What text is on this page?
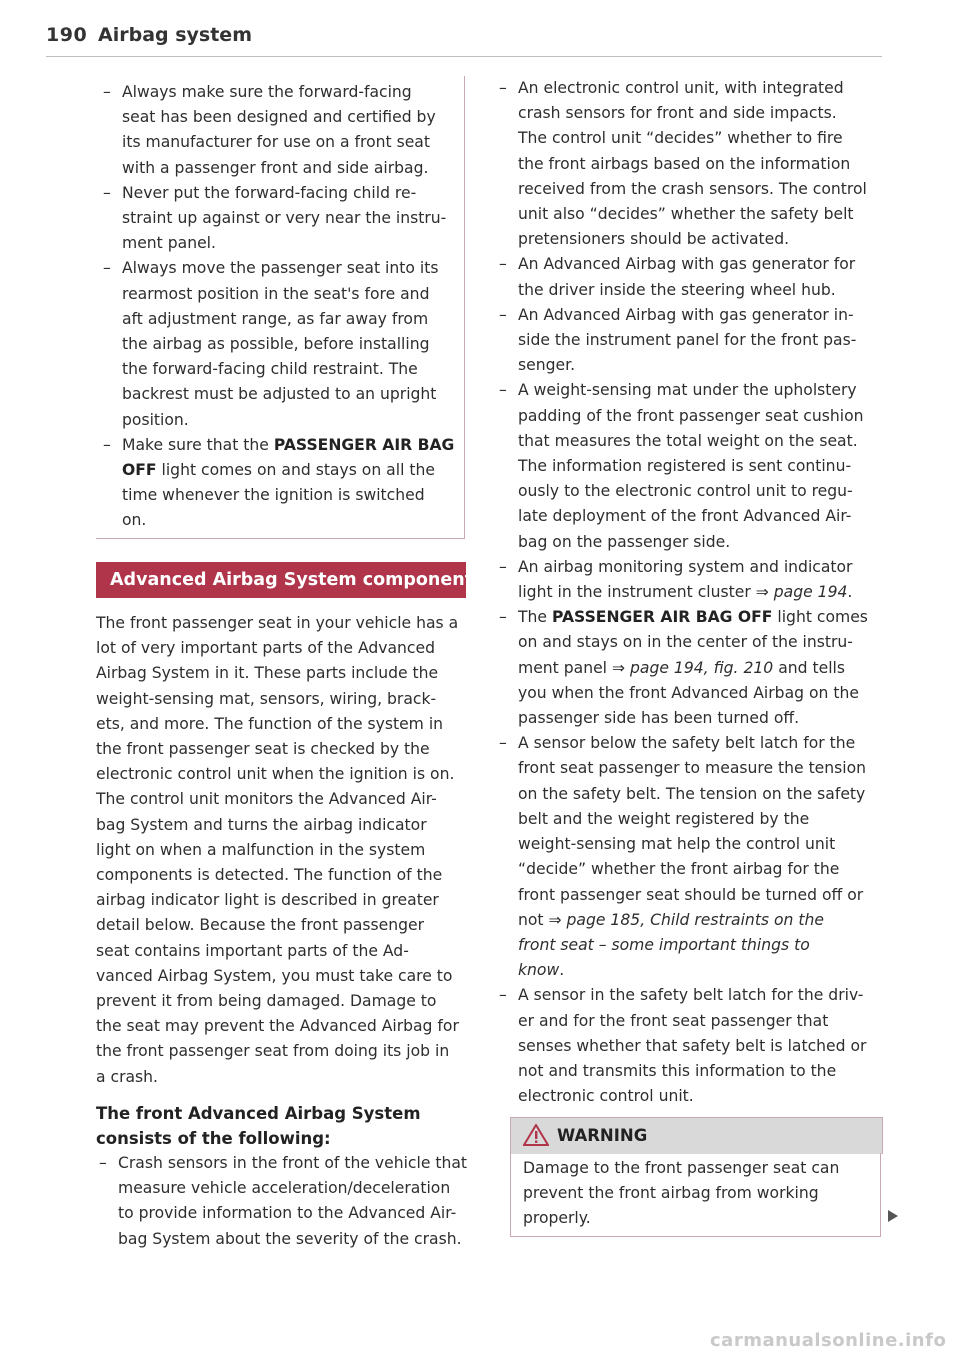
190 Airbag system
– Always make sure the forward-facing
seat has been designed and certified by
its manufacturer for use on a front seat
with a passenger front and side airbag.
– Never put the forward-facing child re-
straint up against or very near the instru-
ment panel.
– Always move the passenger seat into its
rearmost position in the seat's fore and
aft adjustment range, as far away from
the airbag as possible, before installing
the forward-facing child restraint. The
backrest must be adjusted to an upright
position.
– Make sure that the PASSENGER AIR BAG
OFF light comes on and stays on all the
time whenever the ignition is switched
on.
Advanced Airbag System components
The front passenger seat in your vehicle has a
lot of very important parts of the Advanced
Airbag System in it. These parts include the
weight-sensing mat, sensors, wiring, brack-
ets, and more. The function of the system in
the front passenger seat is checked by the
electronic control unit when the ignition is on.
The control unit monitors the Advanced Air-
bag System and turns the airbag indicator
light on when a malfunction in the system
components is detected. The function of the
airbag indicator light is described in greater
detail below. Because the front passenger
seat contains important parts of the Ad-
vanced Airbag System, you must take care to
prevent it from being damaged. Damage to
the seat may prevent the Advanced Airbag for
the front passenger seat from doing its job in
a crash.
The front Advanced Airbag System
consists of the following:
– Crash sensors in the front of the vehicle that
measure vehicle acceleration/deceleration
to provide information to the Advanced Air-
bag System about the severity of the crash.
– An electronic control unit, with integrated
crash sensors for front and side impacts.
The control unit “decides” whether to fire
the front airbags based on the information
received from the crash sensors. The control
unit also “decides” whether the safety belt
pretensioners should be activated.
– An Advanced Airbag with gas generator for
the driver inside the steering wheel hub.
– An Advanced Airbag with gas generator in-
side the instrument panel for the front pas-
senger.
– A weight-sensing mat under the upholstery
padding of the front passenger seat cushion
that measures the total weight on the seat.
The information registered is sent continu-
ously to the electronic control unit to regu-
late deployment of the front Advanced Air-
bag on the passenger side.
– An airbag monitoring system and indicator
light in the instrument cluster ⇒ page 194.
– The PASSENGER AIR BAG OFF light comes
on and stays on in the center of the instru-
ment panel ⇒ page 194, fig. 210 and tells
you when the front Advanced Airbag on the
passenger side has been turned off.
– A sensor below the safety belt latch for the
front seat passenger to measure the tension
on the safety belt. The tension on the safety
belt and the weight registered by the
weight-sensing mat help the control unit
“decide” whether the front airbag for the
front passenger seat should be turned off or
not ⇒ page 185, Child restraints on the
front seat – some important things to
know.
– A sensor in the safety belt latch for the driv-
er and for the front seat passenger that
senses whether that safety belt is latched or
not and transmits this information to the
electronic control unit.
WARNING
Damage to the front passenger seat can
prevent the front airbag from working
properly.
carmanualsonline.info
